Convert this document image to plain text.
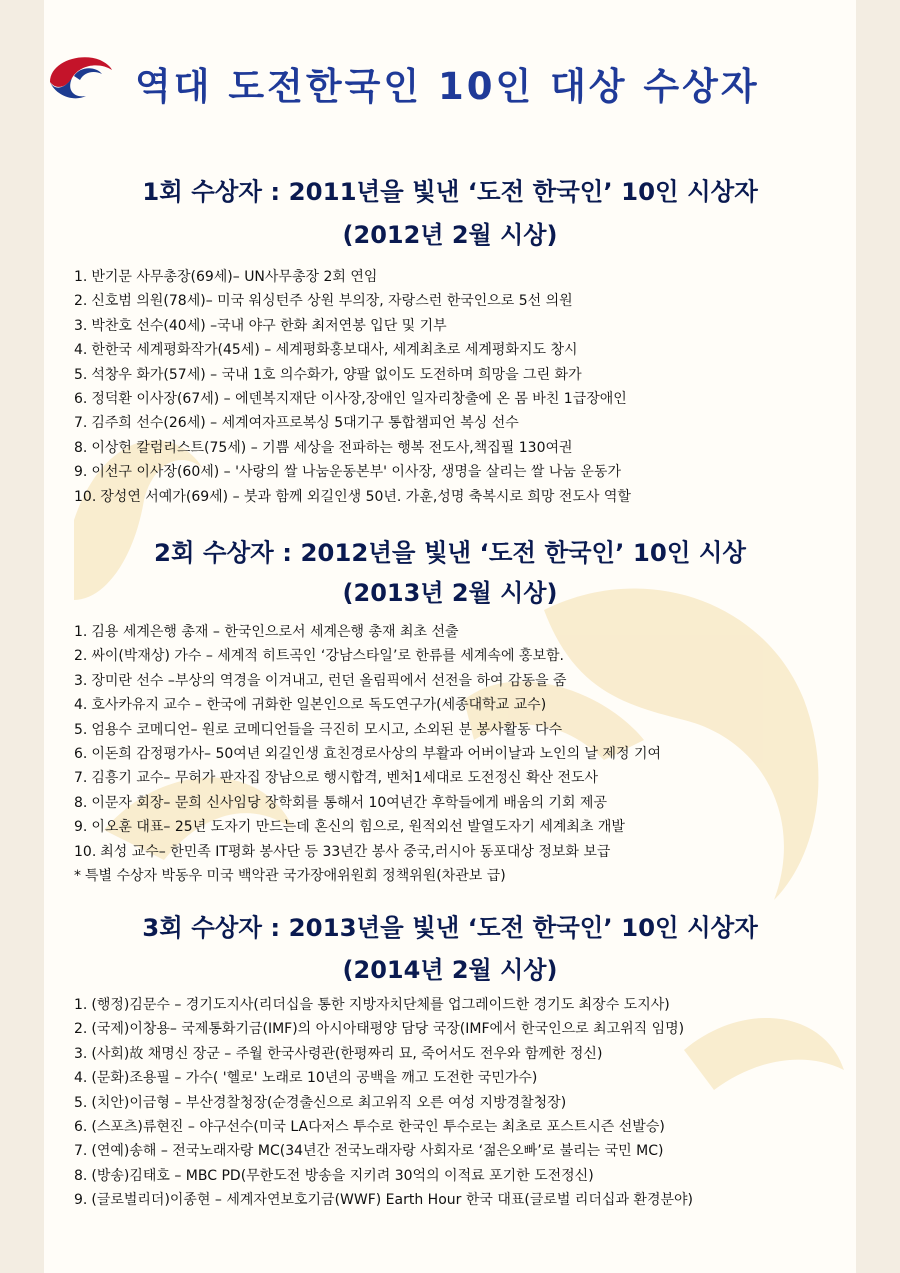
역대 도전한국인 10인 대상 수상자
1회 수상자 : 2011년을 빛낸 ‘도전 한국인’ 10인 시상자
(2012년 2월 시상)
1. 반기문 사무총장(69세)– UN사무총장 2회 연임
2. 신호범 의원(78세)– 미국 워싱턴주 상원 부의장, 자랑스런 한국인으로 5선 의원
3. 박찬호 선수(40세) –국내 야구 한화 최저연봉 입단 및 기부
4. 한한국 세계평화작가(45세) – 세계평화홍보대사, 세계최초로 세계평화지도 창시
5. 석창우 화가(57세) – 국내 1호 의수화가, 양팔 없이도 도전하며 희망을 그린 화가
6. 정덕환 이사장(67세) – 에덴복지재단 이사장,장애인 일자리창출에 온 몸 바친 1급장애인
7. 김주희 선수(26세) – 세계여자프로복싱 5대기구 통합챔피언 복싱 선수
8. 이상헌 칼럼리스트(75세) – 기쁨 세상을 전파하는 행복 전도사,책집필 130여권
9. 이선구 이사장(60세) – '사랑의 쌀 나눔운동본부' 이사장, 생명을 살리는 쌀 나눔 운동가
10. 장성연 서예가(69세) – 붓과 함께 외길인생 50년. 가훈,성명 축복시로 희망 전도사 역할
2회 수상자 : 2012년을 빛낸 ‘도전 한국인’ 10인 시상
(2013년 2월 시상)
1. 김용 세계은행 총재 – 한국인으로서 세계은행 총재 최초 선출
2. 싸이(박재상) 가수 – 세계적 히트곡인 ‘강남스타일’로 한류를 세계속에 홍보함.
3. 장미란 선수 –부상의 역경을 이겨내고, 런던 올림픽에서 선전을 하여 감동을 줌
4. 호사카유지 교수 – 한국에 귀화한 일본인으로 독도연구가(세종대학교 교수)
5. 엄용수 코메디언– 원로 코메디언들을 극진히 모시고, 소외된 분 봉사활동 다수
6. 이돈희 감정평가사– 50여년 외길인생 효친경로사상의 부활과 어버이날과 노인의 날 제정 기여
7. 김흥기 교수– 무허가 판자집 장남으로 행시합격, 벤처1세대로 도전정신 확산 전도사
8. 이문자 회장– 문희 신사임당 장학회를 통해서 10여년간 후학들에게 배움의 기회 제공
9. 이오훈 대표– 25년 도자기 만드는데 혼신의 힘으로, 원적외선 발열도자기 세계최초 개발
10. 최성 교수– 한민족 IT평화 봉사단 등 33년간 봉사 중국,러시아 동포대상 정보화 보급
* 특별 수상자 박동우 미국 백악관 국가장애위원회 정책위원(차관보 급)
3회 수상자 : 2013년을 빛낸 ‘도전 한국인’ 10인 시상자
(2014년 2월 시상)
1. (행정)김문수 – 경기도지사(리더십을 통한 지방자치단체를 업그레이드한 경기도 최장수 도지사)
2. (국제)이창용– 국제통화기금(IMF)의 아시아태평양 담당 국장(IMF에서 한국인으로 최고위직 임명)
3. (사회)故 채명신 장군 – 주월 한국사령관(한평짜리 묘, 죽어서도 전우와 함께한 정신)
4. (문화)조용필 – 가수( '헬로' 노래로 10년의 공백을 깨고 도전한 국민가수)
5. (치안)이금형 – 부산경찰청장(순경출신으로 최고위직 오른 여성 지방경찰청장)
6. (스포츠)류현진 – 야구선수(미국 LA다저스 투수로 한국인 투수로는 최초로 포스트시즌 선발승)
7. (연예)송해 – 전국노래자랑 MC(34년간 전국노래자랑 사회자로 ‘젊은오빠’로 불리는 국민 MC)
8. (방송)김태호 – MBC PD(무한도전 방송을 지키려 30억의 이적료 포기한 도전정신)
9. (글로벌리더)이종현 – 세계자연보호기금(WWF) Earth Hour 한국 대표(글로벌 리더십과 환경분야)
